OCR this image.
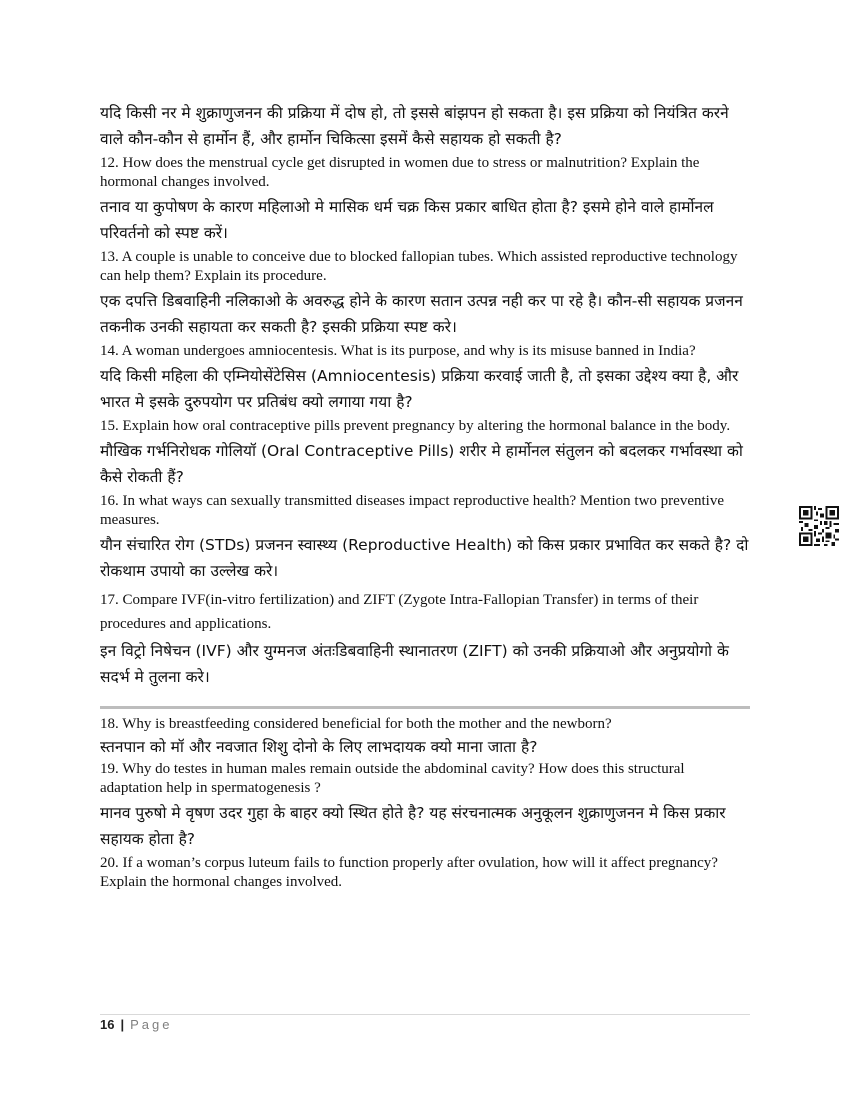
यदि किसी नर मे शुक्राणुजनन की प्रक्रिया में दोष हो, तो इससे बांझपन हो सकता है। इस प्रक्रिया को नियंत्रित करने वाले कौन-कौन से हार्मोन हैं, और हार्मोन चिकित्सा इसमें कैसे सहायक हो सकती है?

12. How does the menstrual cycle get disrupted in women due to stress or malnutrition? Explain the hormonal changes involved.

तनाव या कुपोषण के कारण महिलाओ मे मासिक धर्म चक्र किस प्रकार बाधित होता है? इसमे होने वाले हार्मोनल परिवर्तनो को स्पष्ट करें।

13. A couple is unable to conceive due to blocked fallopian tubes. Which assisted reproductive technology can help them? Explain its procedure.

एक दपत्ति डिबवाहिनी नलिकाओ के अवरुद्ध होने के कारण सतान उत्पन्न नही कर पा रहे है। कौन-सी सहायक प्रजनन तकनीक उनकी सहायता कर सकती है? इसकी प्रक्रिया स्पष्ट करे।

14. A woman undergoes amniocentesis. What is its purpose, and why is its misuse banned in India?

यदि किसी महिला की एम्नियोसेंटेसिस (Amniocentesis) प्रक्रिया करवाई जाती है, तो इसका उद्देश्य क्या है, और भारत मे इसके दुरुपयोग पर प्रतिबंध क्यो लगाया गया है?

15. Explain how oral contraceptive pills prevent pregnancy by altering the hormonal balance in the body.

मौखिक गर्भनिरोधक गोलियॉ (Oral Contraceptive Pills) शरीर मे हार्मोनल संतुलन को बदलकर गर्भावस्था को कैसे रोकती हैं?

16. In what ways can sexually transmitted diseases impact reproductive health? Mention two preventive measures.

यौन संचारित रोग (STDs) प्रजनन स्वास्थ्य (Reproductive Health) को किस प्रकार प्रभावित कर सकते है? दो रोकथाम उपायो का उल्लेख करे।

17. Compare IVF(in-vitro fertilization) and ZIFT (Zygote Intra-Fallopian Transfer) in terms of their procedures and applications.

इन विट्रो निषेचन (IVF) और युग्मनज अंतःडिबवाहिनी स्थानातरण (ZIFT) को उनकी प्रक्रियाओ और अनुप्रयोगो के सदर्भ मे तुलना करे।

18. Why is breastfeeding considered beneficial for both the mother and the newborn?

स्तनपान को मॉ और नवजात शिशु दोनो के लिए लाभदायक क्यो माना जाता है?

19. Why do testes in human males remain outside the abdominal cavity? How does this structural adaptation help in spermatogenesis ?

मानव पुरुषो मे वृषण उदर गुहा के बाहर क्यो स्थित होते है? यह संरचनात्मक अनुकूलन शुक्राणुजनन मे किस प्रकार सहायक होता है?

20. If a woman’s corpus luteum fails to function properly after ovulation, how will it affect pregnancy? Explain the hormonal changes involved.

16 | Page
